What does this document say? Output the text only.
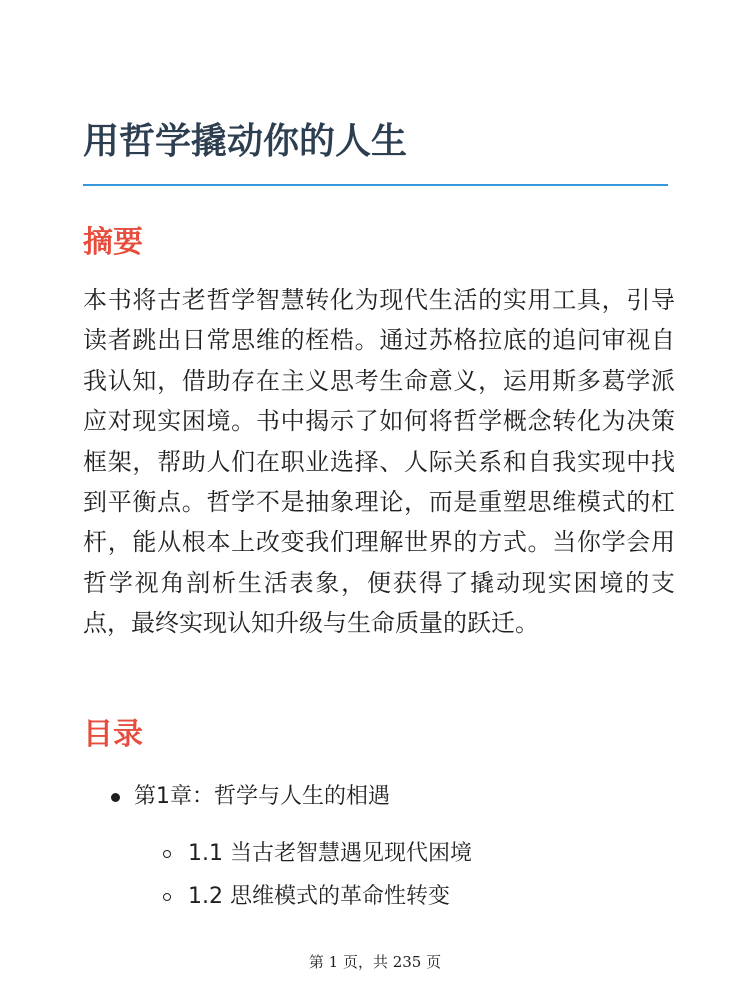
用哲学撬动你的人生
摘要

本书将古老哲学智慧转化为现代生活的实用工具，引导读者跳出日常思维的桎梏。通过苏格拉底的追问审视自我认知，借助存在主义思考生命意义，运用斯多葛学派应对现实困境。书中揭示了如何将哲学概念转化为决策框架，帮助人们在职业选择、人际关系和自我实现中找到平衡点。哲学不是抽象理论，而是重塑思维模式的杠杆，能从根本上改变我们理解世界的方式。当你学会用哲学视角剖析生活表象，便获得了撬动现实困境的支点，最终实现认知升级与生命质量的跃迁。

目录
第1章：哲学与人生的相遇
1.1 当古老智慧遇见现代困境
1.2 思维模式的革命性转变
第 1 页，共 235 页
